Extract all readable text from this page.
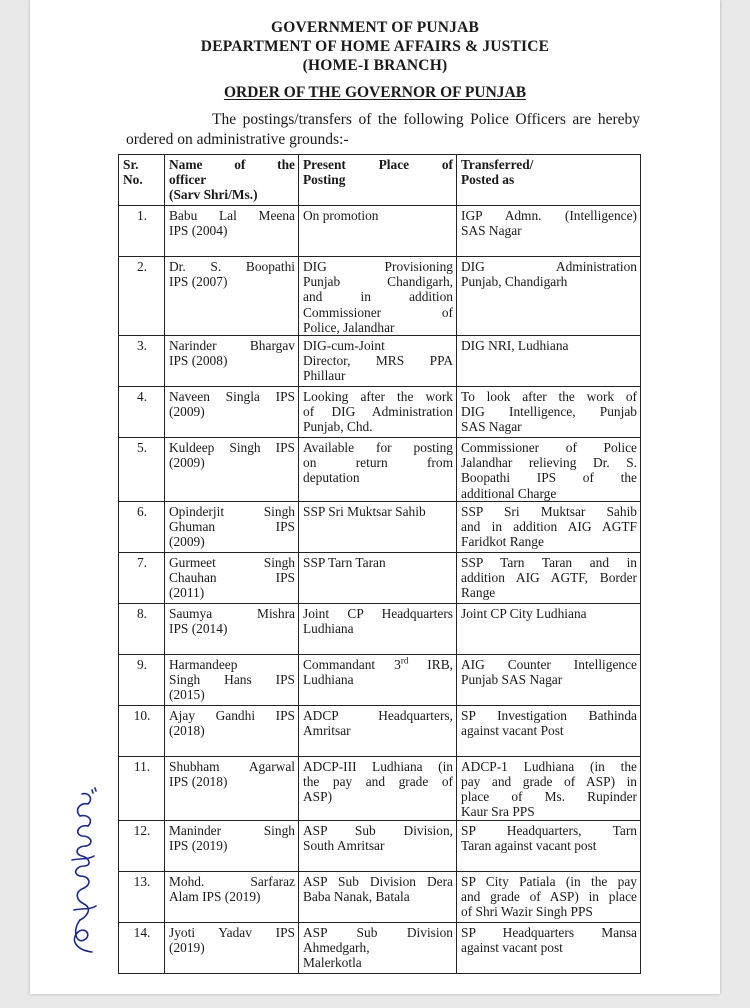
GOVERNMENT OF PUNJAB
DEPARTMENT OF HOME AFFAIRS & JUSTICE
(HOME-I BRANCH)
ORDER OF THE GOVERNOR OF PUNJAB

The postings/transfers of the following Police Officers are hereby ordered on administrative grounds:-

Sr.
No.	Name of the
officer
(Sarv Shri/Ms.)	Present Place of
Posting	Transferred/
Posted as

1.	Babu Lal Meena
IPS (2004)	On promotion	IGP Admn. (Intelligence)
SAS Nagar

2.	Dr. S. Boopathi
IPS (2007)	DIG Provisioning
Punjab Chandigarh,
and in addition
Commissioner of
Police, Jalandhar	DIG Administration
Punjab, Chandigarh

3.	Narinder Bhargav
IPS (2008)	DIG-cum-Joint
Director, MRS PPA
Phillaur	DIG NRI, Ludhiana

4.	Naveen Singla IPS
(2009)	Looking after the work
of DIG Administration
Punjab, Chd.	To look after the work of
DIG Intelligence, Punjab
SAS Nagar

5.	Kuldeep Singh IPS
(2009)	Available for posting
on return from
deputation	Commissioner of Police
Jalandhar relieving Dr. S.
Boopathi IPS of the
additional Charge

6.	Opinderjit Singh
Ghuman IPS
(2009)	SSP Sri Muktsar Sahib	SSP Sri Muktsar Sahib
and in addition AIG AGTF
Faridkot Range

7.	Gurmeet Singh
Chauhan IPS
(2011)	SSP Tarn Taran	SSP Tarn Taran and in
addition AIG AGTF, Border
Range

8.	Saumya Mishra
IPS (2014)	Joint CP Headquarters
Ludhiana	Joint CP City Ludhiana

9.	Harmandeep
Singh Hans IPS
(2015)	Commandant 3rd IRB,
Ludhiana	AIG Counter Intelligence
Punjab SAS Nagar

10.	Ajay Gandhi IPS
(2018)	ADCP Headquarters,
Amritsar	SP Investigation Bathinda
against vacant Post

11.	Shubham Agarwal
IPS (2018)	ADCP-III Ludhiana (in
the pay and grade of
ASP)	ADCP-1 Ludhiana (in the
pay and grade of ASP) in
place of Ms. Rupinder
Kaur Sra PPS

12.	Maninder Singh
IPS (2019)	ASP Sub Division,
South Amritsar	SP Headquarters, Tarn
Taran against vacant post

13.	Mohd. Sarfaraz
Alam IPS (2019)	ASP Sub Division Dera
Baba Nanak, Batala	SP City Patiala (in the pay
and grade of ASP) in place
of Shri Wazir Singh PPS

14.	Jyoti Yadav IPS
(2019)	ASP Sub Division
Ahmedgarh,
Malerkotla	SP Headquarters Mansa
against vacant post
